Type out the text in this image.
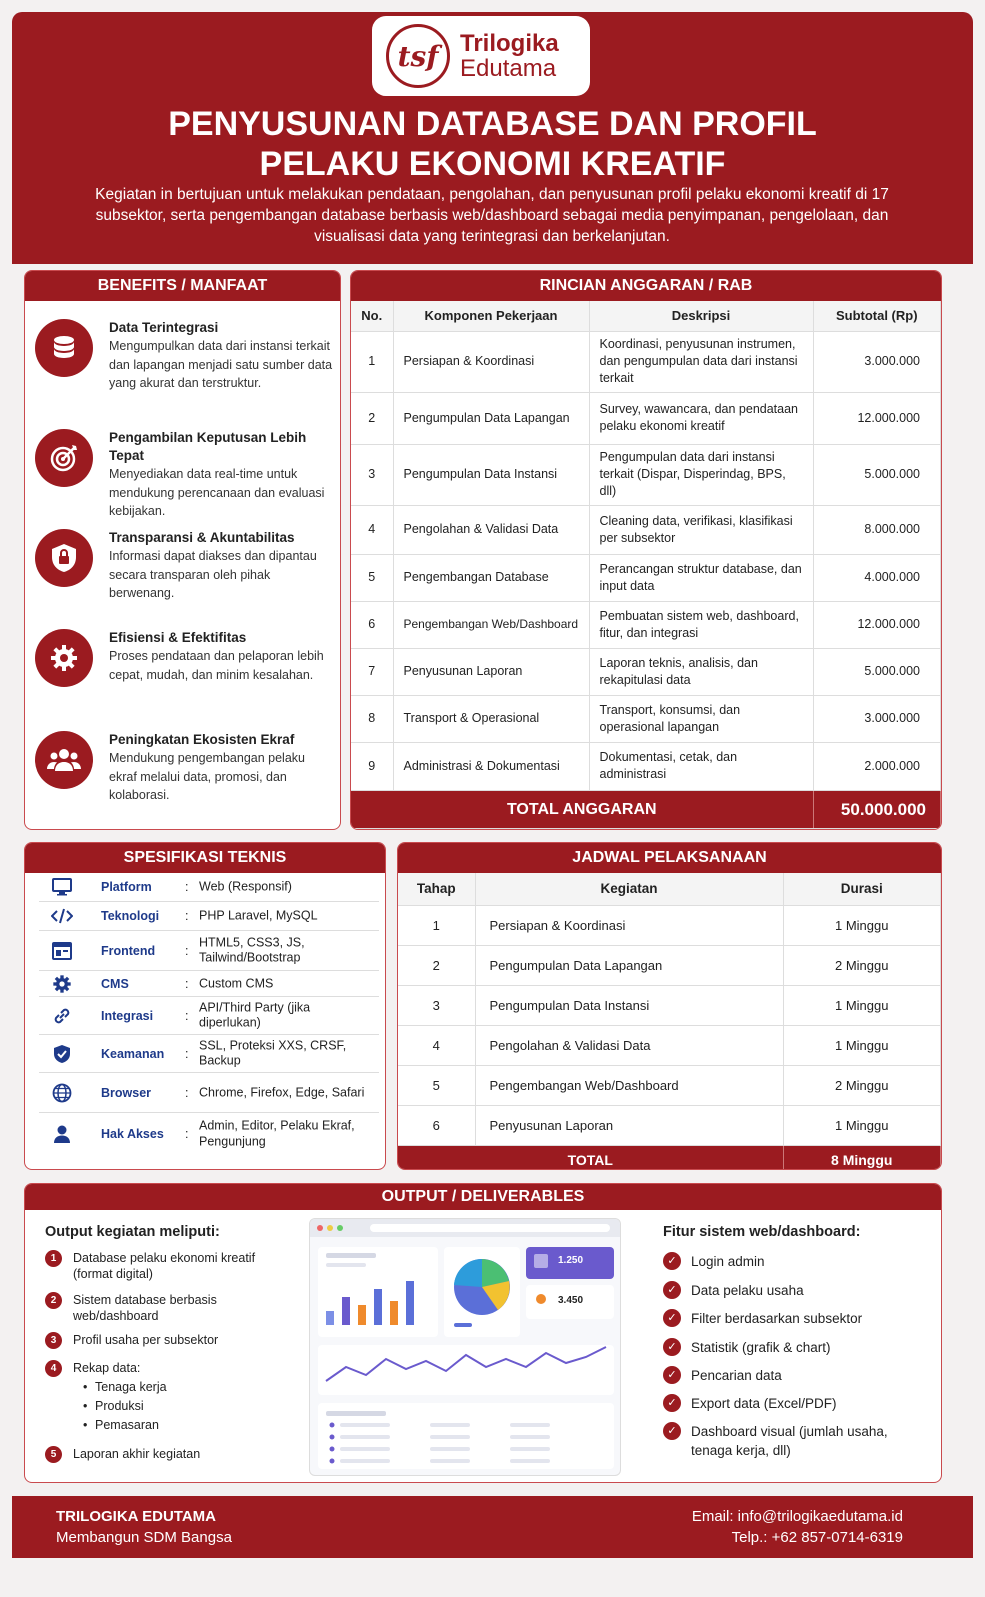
tsf Trilogika
Edutama
PENYUSUNAN DATABASE DAN PROFIL
PELAKU EKONOMI KREATIF
Kegiatan in bertujuan untuk melakukan pendataan, pengolahan, dan penyusunan profil pelaku ekonomi kreatif di 17 subsektor, serta pengembangan database berbasis web/dashboard sebagai media penyimpanan, pengelolaan, dan visualisasi data yang terintegrasi dan berkelanjutan.
BENEFITS / MANFAAT
Data Terintegrasi
Mengumpulkan data dari instansi terkait dan lapangan menjadi satu sumber data yang akurat dan terstruktur.
Pengambilan Keputusan Lebih Tepat
Menyediakan data real-time untuk mendukung perencanaan dan evaluasi kebijakan.
Transparansi & Akuntabilitas
Informasi dapat diakses dan dipantau secara transparan oleh pihak berwenang.
Efisiensi & Efektifitas
Proses pendataan dan pelaporan lebih cepat, mudah, dan minim kesalahan.
Peningkatan Ekosisten Ekraf
Mendukung pengembangan pelaku ekraf melalui data, promosi, dan kolaborasi.
RINCIAN ANGGARAN / RAB
No.	Komponen Pekerjaan	Deskripsi	Subtotal (Rp)
1	Persiapan & Koordinasi	Koordinasi, penyusunan instrumen, dan pengumpulan data dari instansi terkait	3.000.000
2	Pengumpulan Data Lapangan	Survey, wawancara, dan pendataan pelaku ekonomi kreatif	12.000.000
3	Pengumpulan Data Instansi	Pengumpulan data dari instansi terkait (Dispar, Disperindag, BPS, dll)	5.000.000
4	Pengolahan & Validasi Data	Cleaning data, verifikasi, klasifikasi per subsektor	8.000.000
5	Pengembangan Database	Perancangan struktur database, dan input data	4.000.000
6	Pengembangan Web/Dashboard	Pembuatan sistem web, dashboard, fitur, dan integrasi	12.000.000
7	Penyusunan Laporan	Laporan teknis, analisis, dan rekapitulasi data	5.000.000
8	Transport & Operasional	Transport, konsumsi, dan operasional lapangan	3.000.000
9	Administrasi & Dokumentasi	Dokumentasi, cetak, dan administrasi	2.000.000
TOTAL ANGGARAN			50.000.000
SPESIFIKASI TEKNIS
Platform	: Web (Responsif)
Teknologi : PHP Laravel, MySQL
Frontend :
HTML5, CSS3, JS, Tailwind/Bootstrap
CMS	: Custom CMS
Integrasi	:
API/Third Party (jika diperlukan)
Keamanan :
SSL, Proteksi XXS, CRSF, Backup
Browser	: Chrome, Firefox, Edge, Safari
Hak Akses :
Admin, Editor, Pelaku Ekraf, Pengunjung
JADWAL PELAKSANAAN
Tahap	Kegiatan	Durasi
1	Persiapan & Koordinasi	1 Minggu
2	Pengumpulan Data Lapangan	2 Minggu
3	Pengumpulan Data Instansi	1 Minggu
4	Pengolahan & Validasi Data	1 Minggu
5	Pengembangan Web/Dashboard	2 Minggu
6	Penyusunan Laporan	1 Minggu
TOTAL		8 Minggu
OUTPUT / DELIVERABLES
Output kegiatan meliputi:
1	Database pelaku ekonomi kreatif (format digital)
2	Sistem database berbasis web/dashboard
3	Profil usaha per subsektor
4	Rekap data:
• Tenaga kerja
• Produksi
• Pemasaran
5	Laporan akhir kegiatan
1.250
3.450
Fitur sistem web/dashboard:
✓	Login admin
✓	Data pelaku usaha
✓	Filter berdasarkan subsektor
✓	Statistik (grafik & chart)
✓	Pencarian data
✓	Export data (Excel/PDF)
✓	Dashboard visual (jumlah usaha, tenaga kerja, dll)
TRILOGIKA EDUTAMA
Membangun SDM Bangsa
Email: info@trilogikaedutama.id
Telp.: +62 857-0714-6319
